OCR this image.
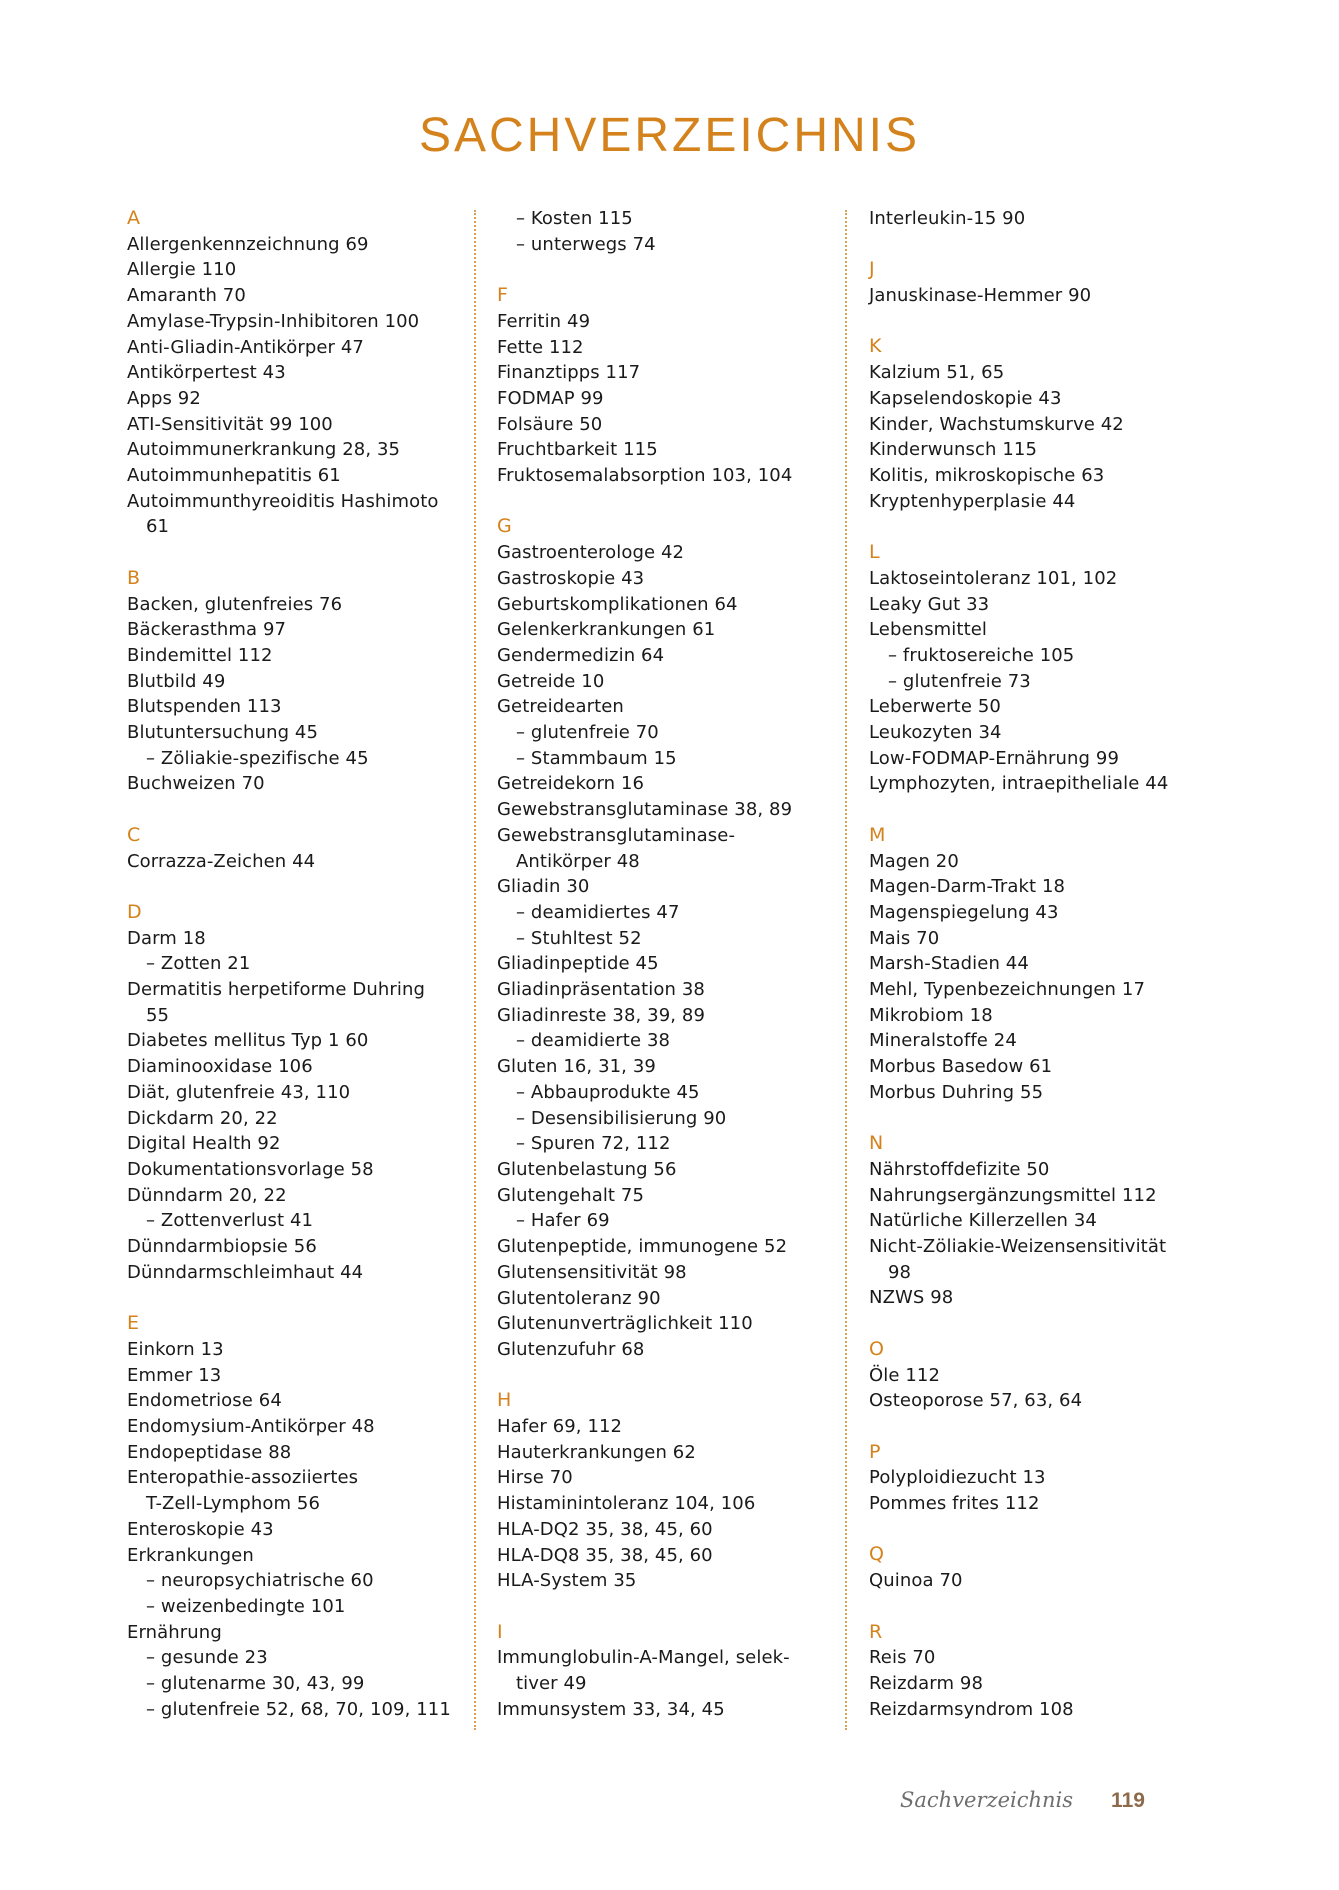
SACHVERZEICHNIS
A
Allergenkennzeichnung 69
Allergie 110
Amaranth 70
Amylase-Trypsin-Inhibitoren 100
Anti-Gliadin-Antikörper 47
Antikörpertest 43
Apps 92
ATI-Sensitivität 99 100
Autoimmunerkrankung 28, 35
Autoimmunhepatitis 61
Autoimmunthyreoiditis Hashimoto
61
B
Backen, glutenfreies 76
Bäckerasthma 97
Bindemittel 112
Blutbild 49
Blutspenden 113
Blutuntersuchung 45
– Zöliakie-spezifische 45
Buchweizen 70
C
Corrazza-Zeichen 44
D
Darm 18
– Zotten 21
Dermatitis herpetiforme Duhring
55
Diabetes mellitus Typ 1 60
Diaminooxidase 106
Diät, glutenfreie 43, 110
Dickdarm 20, 22
Digital Health 92
Dokumentationsvorlage 58
Dünndarm 20, 22
– Zottenverlust 41
Dünndarmbiopsie 56
Dünndarmschleimhaut 44
E
Einkorn 13
Emmer 13
Endometriose 64
Endomysium-Antikörper 48
Endopeptidase 88
Enteropathie-assoziiertes
T-Zell-Lymphom 56
Enteroskopie 43
Erkrankungen
– neuropsychiatrische 60
– weizenbedingte 101
Ernährung
– gesunde 23
– glutenarme 30, 43, 99
– glutenfreie 52, 68, 70, 109, 111
– Kosten 115
– unterwegs 74
F
Ferritin 49
Fette 112
Finanztipps 117
FODMAP 99
Folsäure 50
Fruchtbarkeit 115
Fruktosemalabsorption 103, 104
G
Gastroenterologe 42
Gastroskopie 43
Geburtskomplikationen 64
Gelenkerkrankungen 61
Gendermedizin 64
Getreide 10
Getreidearten
– glutenfreie 70
– Stammbaum 15
Getreidekorn 16
Gewebstransglutaminase 38, 89
Gewebstransglutaminase-
Antikörper 48
Gliadin 30
– deamidiertes 47
– Stuhltest 52
Gliadinpeptide 45
Gliadinpräsentation 38
Gliadinreste 38, 39, 89
– deamidierte 38
Gluten 16, 31, 39
– Abbauprodukte 45
– Desensibilisierung 90
– Spuren 72, 112
Glutenbelastung 56
Glutengehalt 75
– Hafer 69
Glutenpeptide, immunogene 52
Glutensensitivität 98
Glutentoleranz 90
Glutenunverträglichkeit 110
Glutenzufuhr 68
H
Hafer 69, 112
Hauterkrankungen 62
Hirse 70
Histaminintoleranz 104, 106
HLA-DQ2 35, 38, 45, 60
HLA-DQ8 35, 38, 45, 60
HLA-System 35
I
Immunglobulin-A-Mangel, selek-
tiver 49
Immunsystem 33, 34, 45
Interleukin-15 90
J
Januskinase-Hemmer 90
K
Kalzium 51, 65
Kapselendoskopie 43
Kinder, Wachstumskurve 42
Kinderwunsch 115
Kolitis, mikroskopische 63
Kryptenhyperplasie 44
L
Laktoseintoleranz 101, 102
Leaky Gut 33
Lebensmittel
– fruktosereiche 105
– glutenfreie 73
Leberwerte 50
Leukozyten 34
Low-FODMAP-Ernährung 99
Lymphozyten, intraepitheliale 44
M
Magen 20
Magen-Darm-Trakt 18
Magenspiegelung 43
Mais 70
Marsh-Stadien 44
Mehl, Typenbezeichnungen 17
Mikrobiom 18
Mineralstoffe 24
Morbus Basedow 61
Morbus Duhring 55
N
Nährstoffdefizite 50
Nahrungsergänzungsmittel 112
Natürliche Killerzellen 34
Nicht-Zöliakie-Weizensensitivität
98
NZWS 98
O
Öle 112
Osteoporose 57, 63, 64
P
Polyploidiezucht 13
Pommes frites 112
Q
Quinoa 70
R
Reis 70
Reizdarm 98
Reizdarmsyndrom 108
Sachverzeichnis 119
